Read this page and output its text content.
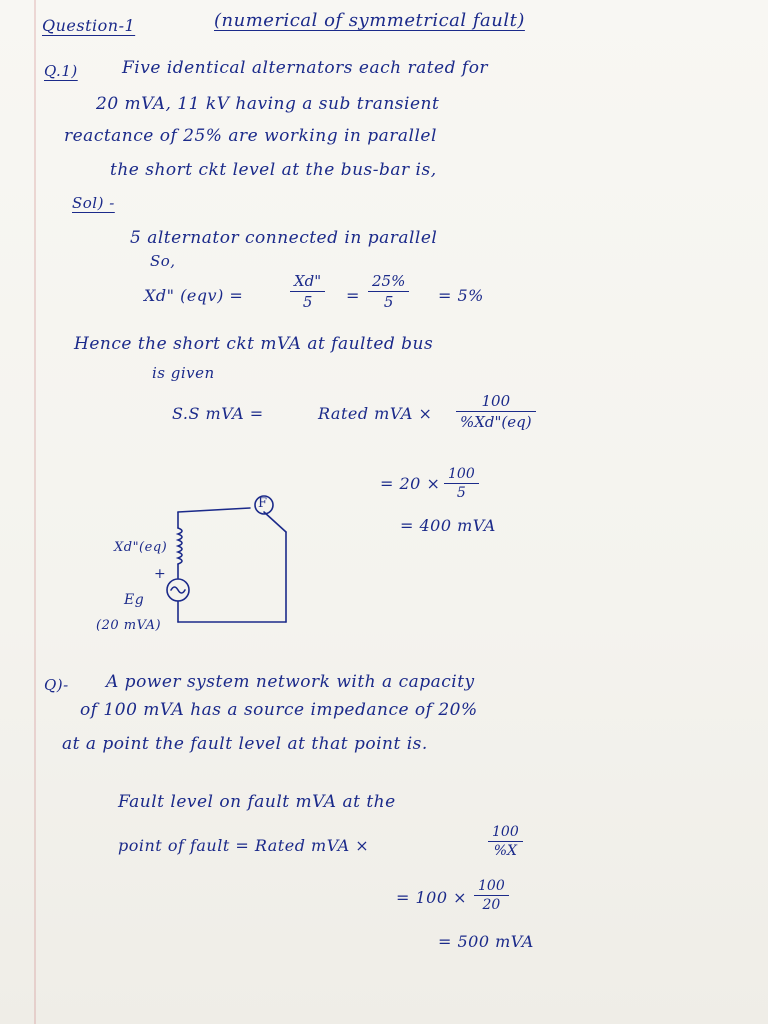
Question-1	(numerical of symmetrical fault)
Q.1)	Five identical alternators each rated for
20 mVA, 11 kV having a sub transient
reactance of 25% are working in parallel
the short ckt level at the bus-bar is,
Sol) -
5 alternator connected in parallel
So,
Xd" (eqv) =
Xd"
5 =
25%
5	= 5%
Hence the short ckt mVA at faulted bus
is given
S.S mVA =	Rated mVA ×
100
%Xd"(eq)
= 20 × 100
5
= 400 mVA
F
Xd"(eq)
+
Eg
(20 mVA)
Q)- A power system network with a capacity
of 100 mVA has a source impedance of 20%
at a point the fault level at that point is.
Fault level on fault mVA at the
point of fault = Rated mVA ×
100
%X
= 100 ×
100
20
= 500 mVA
